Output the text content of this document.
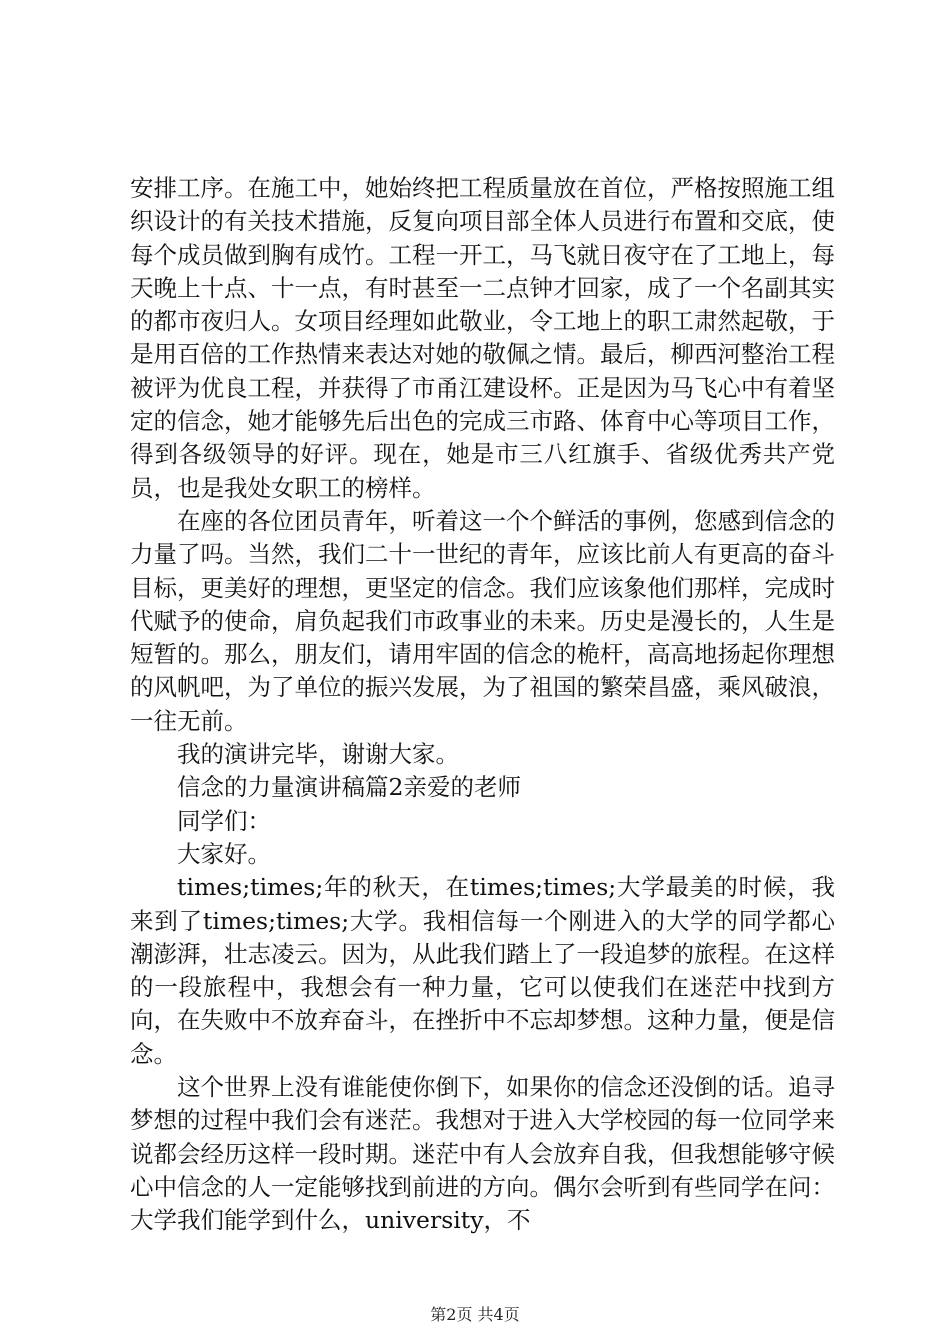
安排工序。在施工中，她始终把工程质量放在首位，严格按照施工组织设计的有关技术措施，反复向项目部全体人员进行布置和交底，使每个成员做到胸有成竹。工程一开工，马飞就日夜守在了工地上，每天晚上十点、十一点，有时甚至一二点钟才回家，成了一个名副其实的都市夜归人。女项目经理如此敬业，令工地上的职工肃然起敬，于是用百倍的工作热情来表达对她的敬佩之情。最后，柳西河整治工程被评为优良工程，并获得了市甬江建设杯。正是因为马飞心中有着坚定的信念，她才能够先后出色的完成三市路、体育中心等项目工作，得到各级领导的好评。现在，她是市三八红旗手、省级优秀共产党员，也是我处女职工的榜样。

在座的各位团员青年，听着这一个个鲜活的事例，您感到信念的力量了吗。当然，我们二十一世纪的青年，应该比前人有更高的奋斗目标，更美好的理想，更坚定的信念。我们应该象他们那样，完成时代赋予的使命，肩负起我们市政事业的未来。历史是漫长的，人生是短暂的。那么，朋友们，请用牢固的信念的桅杆，高高地扬起你理想的风帆吧，为了单位的振兴发展，为了祖国的繁荣昌盛，乘风破浪，一往无前。

我的演讲完毕，谢谢大家。

信念的力量演讲稿篇2亲爱的老师

同学们：

大家好。

times;times;年的秋天，在times;times;大学最美的时候，我来到了times;times;大学。我相信每一个刚进入的大学的同学都心潮澎湃，壮志凌云。因为，从此我们踏上了一段追梦的旅程。在这样的一段旅程中，我想会有一种力量，它可以使我们在迷茫中找到方向，在失败中不放弃奋斗，在挫折中不忘却梦想。这种力量，便是信念。

这个世界上没有谁能使你倒下，如果你的信念还没倒的话。追寻梦想的过程中我们会有迷茫。我想对于进入大学校园的每一位同学来说都会经历这样一段时期。迷茫中有人会放弃自我，但我想能够守候心中信念的人一定能够找到前进的方向。偶尔会听到有些同学在问：大学我们能学到什么，university，不

第2页 共4页
